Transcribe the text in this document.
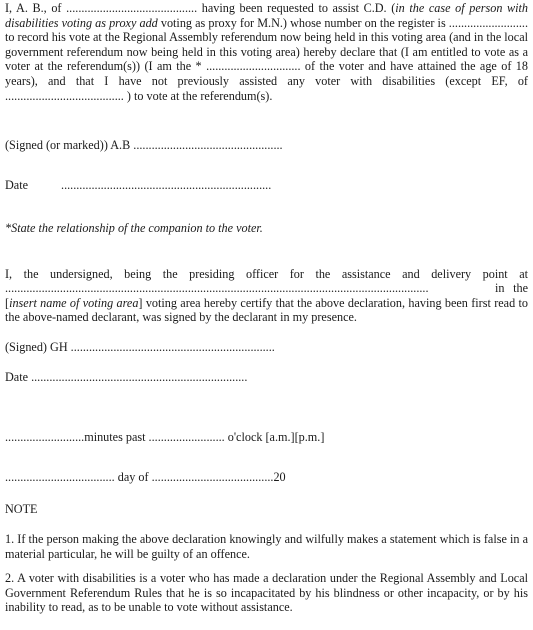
I, A. B., of ........................................... having been requested to assist C.D. (in the case of person with disabilities voting as proxy add voting as proxy for M.N.) whose number on the register is .......................... to record his vote at the Regional Assembly referendum now being held in this voting area (and in the local government referendum now being held in this voting area) hereby declare that (I am entitled to vote as a voter at the referendum(s)) (I am the * ............................... of the voter and have attained the age of 18 years), and that I have not previously assisted any voter with disabilities (except EF, of ....................................... ) to vote at the referendum(s).

(Signed (or marked)) A.B .................................................

Date	.....................................................................

*State the relationship of the companion to the voter.

I, the undersigned, being the presiding officer for the assistance and delivery point at

...........................................................................................................................................	in the [insert name of voting area] voting area hereby certify that the above declaration, having been first read to the above-named declarant, was signed by the declarant in my presence.

(Signed) GH ...................................................................

Date .......................................................................

..........................minutes past ......................... o'clock [a.m.][p.m.]

.................................... day of ........................................20

NOTE

1. If the person making the above declaration knowingly and wilfully makes a statement which is false in a material particular, he will be guilty of an offence.

2. A voter with disabilities is a voter who has made a declaration under the Regional Assembly and Local Government Referendum Rules that he is so incapacitated by his blindness or other incapacity, or by his inability to read, as to be unable to vote without assistance.
